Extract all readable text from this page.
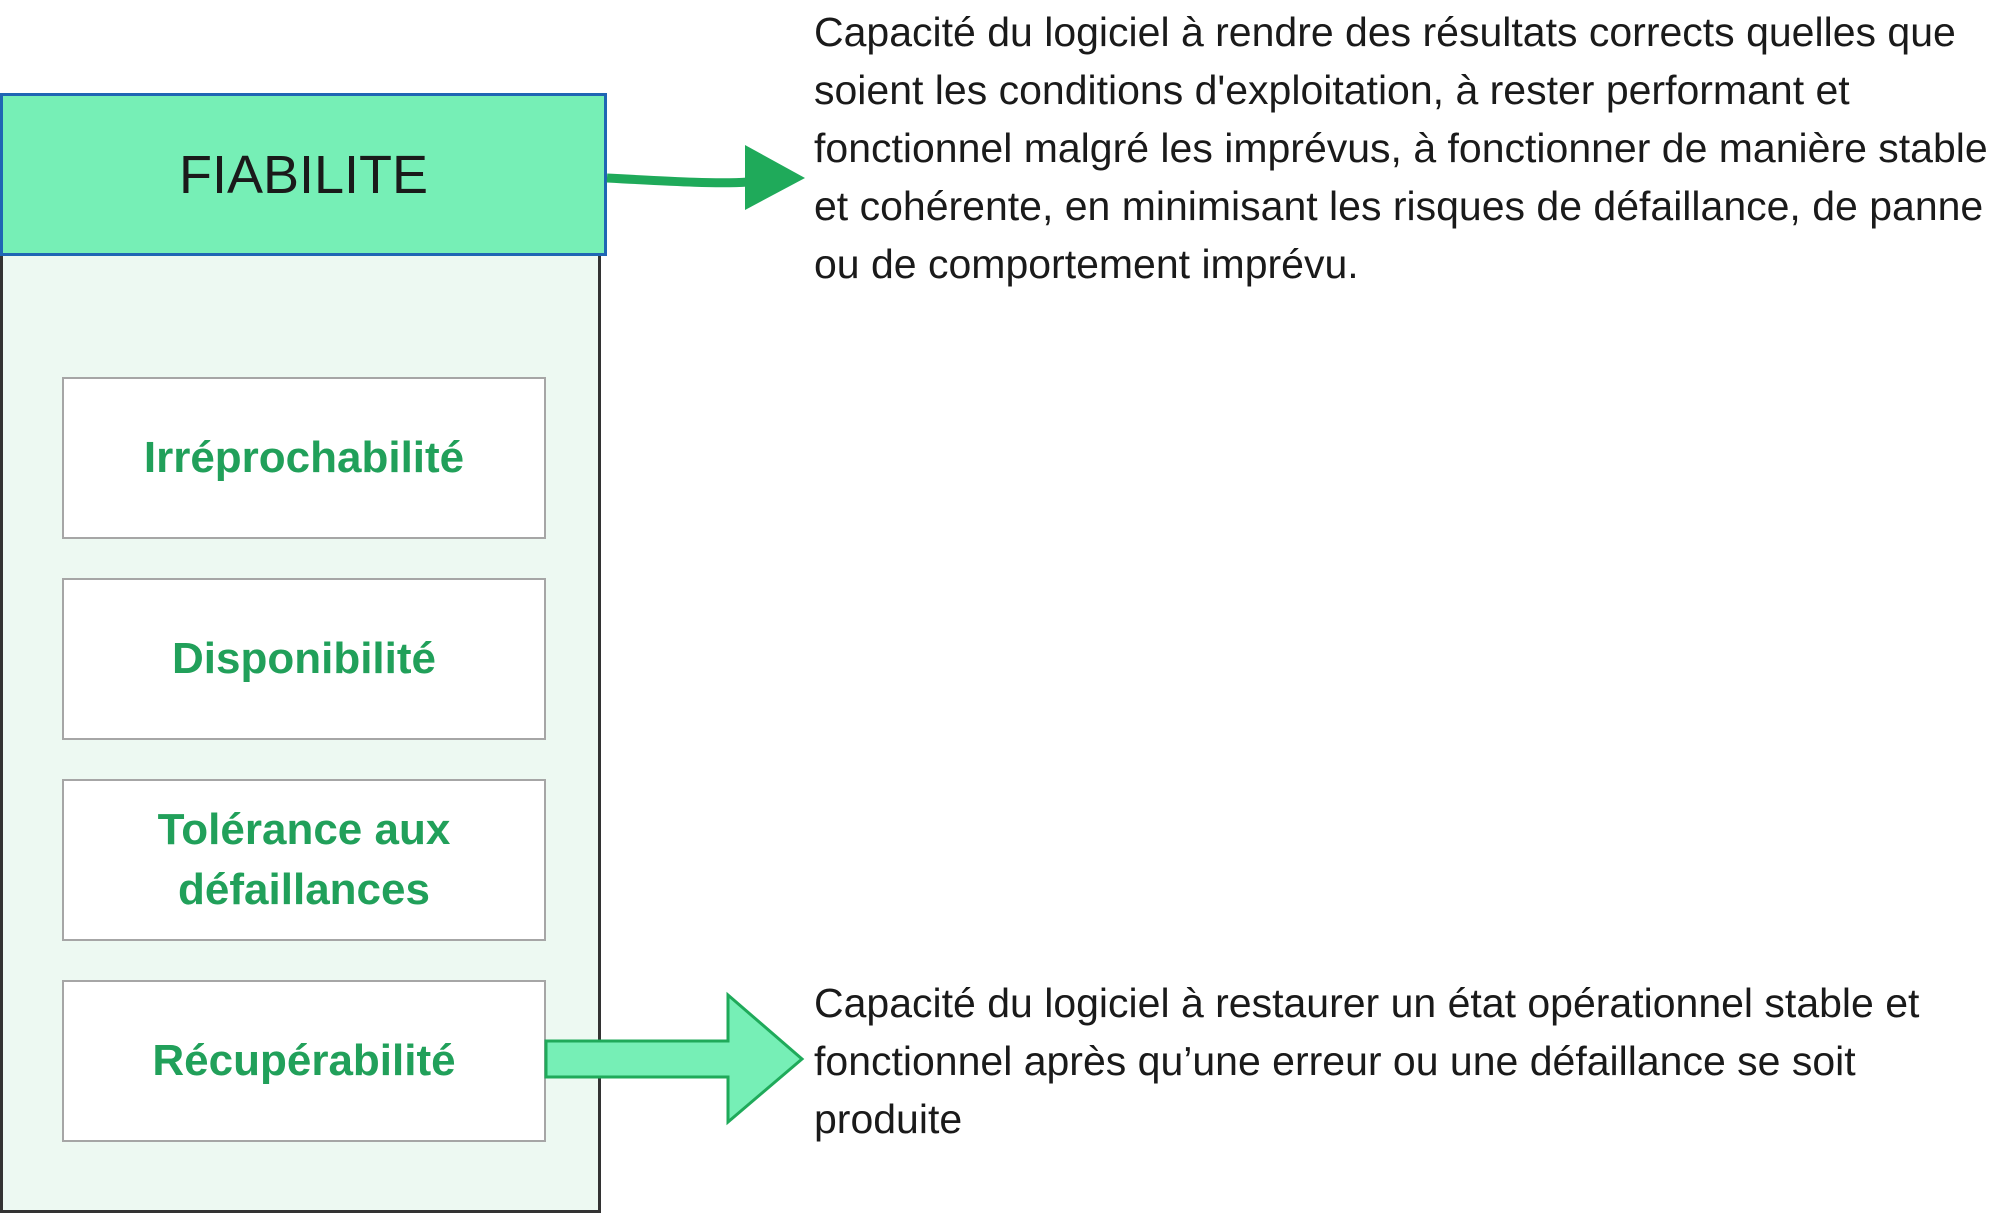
FIABILITE
Irréprochabilité
Disponibilité
Tolérance aux défaillances
Récupérabilité

Capacité du logiciel à rendre des résultats corrects quelles que soient les conditions d'exploitation, à rester performant et fonctionnel malgré les imprévus, à fonctionner de manière stable et cohérente, en minimisant les risques de défaillance, de panne ou de comportement imprévu.

Capacité du logiciel à restaurer un état opérationnel stable et fonctionnel après qu’une erreur ou une défaillance se soit produite
